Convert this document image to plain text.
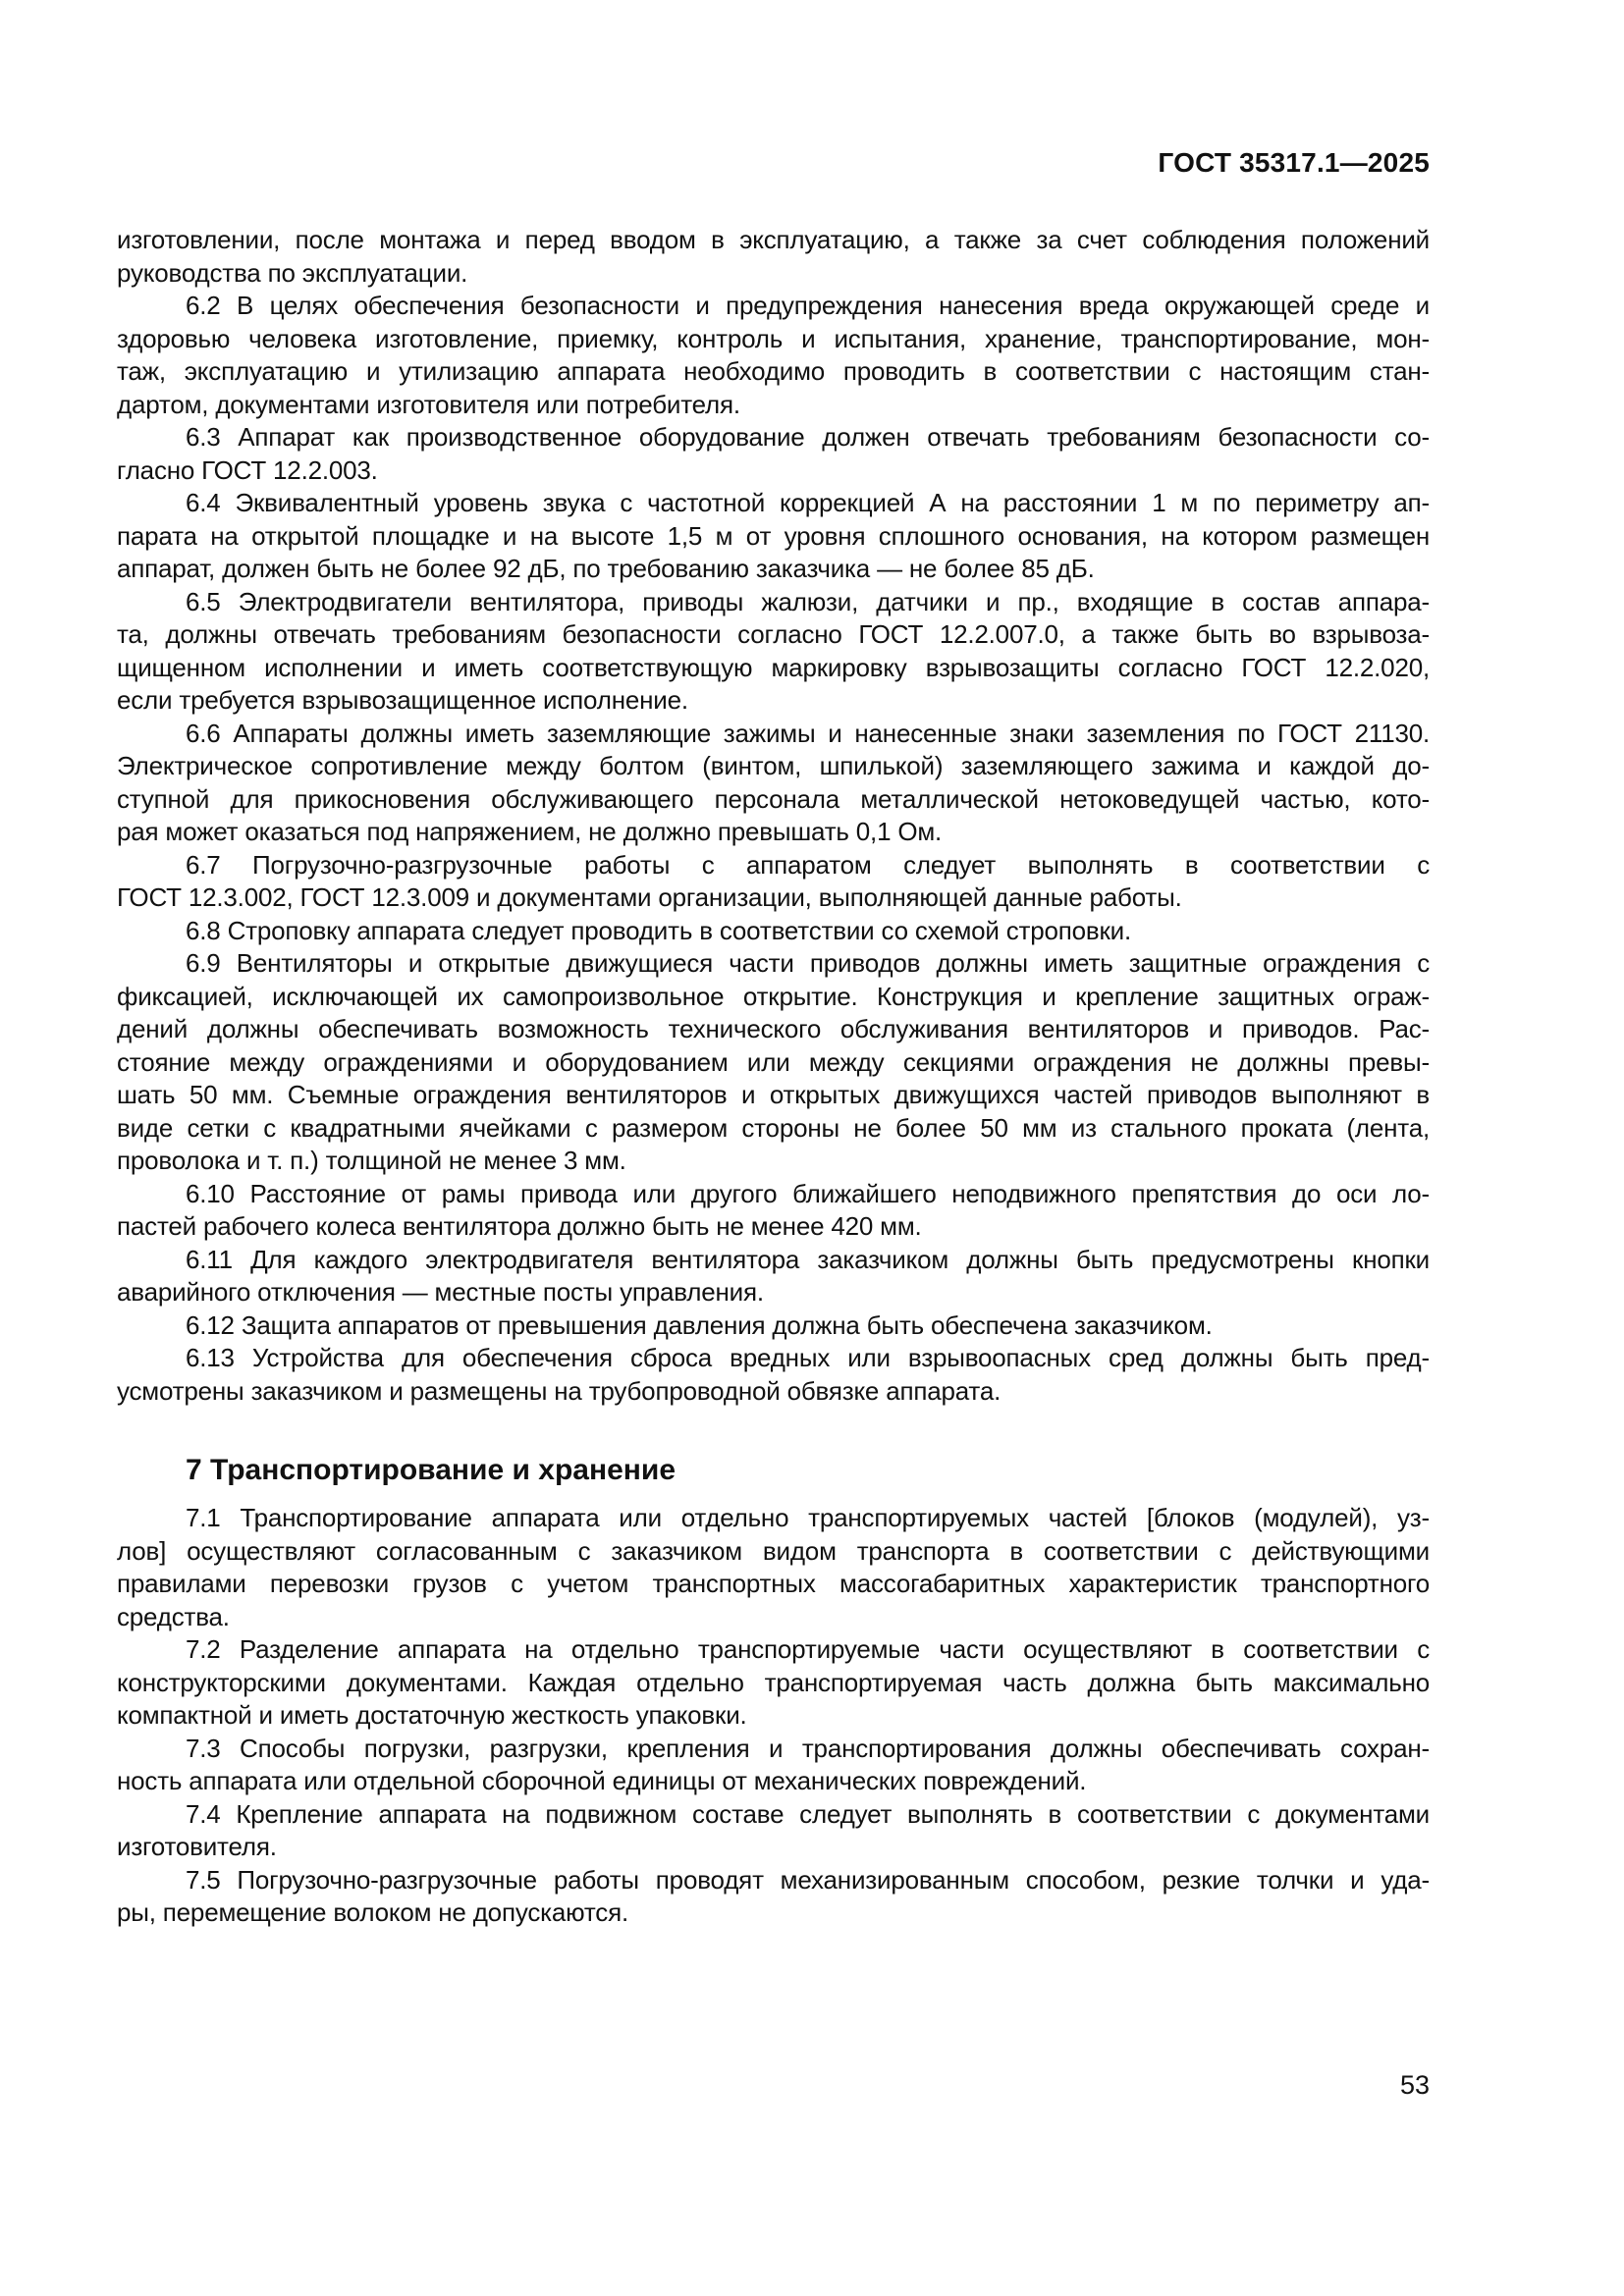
ГОСТ 35317.1—2025
изготовлении, после монтажа и перед вводом в эксплуатацию, а также за счет соблюдения положений
руководства по эксплуатации.
6.2 В целях обеспечения безопасности и предупреждения нанесения вреда окружающей среде и
здоровью человека изготовление, приемку, контроль и испытания, хранение, транспортирование, мон-
таж, эксплуатацию и утилизацию аппарата необходимо проводить в соответствии с настоящим стан-
дартом, документами изготовителя или потребителя.
6.3 Аппарат как производственное оборудование должен отвечать требованиям безопасности со-
гласно ГОСТ 12.2.003.
6.4 Эквивалентный уровень звука с частотной коррекцией А на расстоянии 1 м по периметру ап-
парата на открытой площадке и на высоте 1,5 м от уровня сплошного основания, на котором размещен
аппарат, должен быть не более 92 дБ, по требованию заказчика — не более 85 дБ.
6.5 Электродвигатели вентилятора, приводы жалюзи, датчики и пр., входящие в состав аппара-
та, должны отвечать требованиям безопасности согласно ГОСТ 12.2.007.0, а также быть во взрывоза-
щищенном исполнении и иметь соответствующую маркировку взрывозащиты согласно ГОСТ 12.2.020,
если требуется взрывозащищенное исполнение.
6.6 Аппараты должны иметь заземляющие зажимы и нанесенные знаки заземления по ГОСТ 21130.
Электрическое сопротивление между болтом (винтом, шпилькой) заземляющего зажима и каждой до-
ступной для прикосновения обслуживающего персонала металлической нетоковедущей частью, кото-
рая может оказаться под напряжением, не должно превышать 0,1 Ом.
6.7 Погрузочно-разгрузочные работы с аппаратом следует выполнять в соответствии с
ГОСТ 12.3.002, ГОСТ 12.3.009 и документами организации, выполняющей данные работы.
6.8 Строповку аппарата следует проводить в соответствии со схемой строповки.
6.9 Вентиляторы и открытые движущиеся части приводов должны иметь защитные ограждения с
фиксацией, исключающей их самопроизвольное открытие. Конструкция и крепление защитных ограж-
дений должны обеспечивать возможность технического обслуживания вентиляторов и приводов. Рас-
стояние между ограждениями и оборудованием или между секциями ограждения не должны превы-
шать 50 мм. Съемные ограждения вентиляторов и открытых движущихся частей приводов выполняют в
виде сетки с квадратными ячейками с размером стороны не более 50 мм из стального проката (лента,
проволока и т. п.) толщиной не менее 3 мм.
6.10 Расстояние от рамы привода или другого ближайшего неподвижного препятствия до оси ло-
пастей рабочего колеса вентилятора должно быть не менее 420 мм.
6.11 Для каждого электродвигателя вентилятора заказчиком должны быть предусмотрены кнопки
аварийного отключения — местные посты управления.
6.12 Защита аппаратов от превышения давления должна быть обеспечена заказчиком.
6.13 Устройства для обеспечения сброса вредных или взрывоопасных сред должны быть пред-
усмотрены заказчиком и размещены на трубопроводной обвязке аппарата.
7 Транспортирование и хранение
7.1 Транспортирование аппарата или отдельно транспортируемых частей [блоков (модулей), уз-
лов] осуществляют согласованным с заказчиком видом транспорта в соответствии с действующими
правилами перевозки грузов с учетом транспортных массогабаритных характеристик транспортного
средства.
7.2 Разделение аппарата на отдельно транспортируемые части осуществляют в соответствии с
конструкторскими документами. Каждая отдельно транспортируемая часть должна быть максимально
компактной и иметь достаточную жесткость упаковки.
7.3 Способы погрузки, разгрузки, крепления и транспортирования должны обеспечивать сохран-
ность аппарата или отдельной сборочной единицы от механических повреждений.
7.4 Крепление аппарата на подвижном составе следует выполнять в соответствии с документами
изготовителя.
7.5 Погрузочно-разгрузочные работы проводят механизированным способом, резкие толчки и уда-
ры, перемещение волоком не допускаются.
53
